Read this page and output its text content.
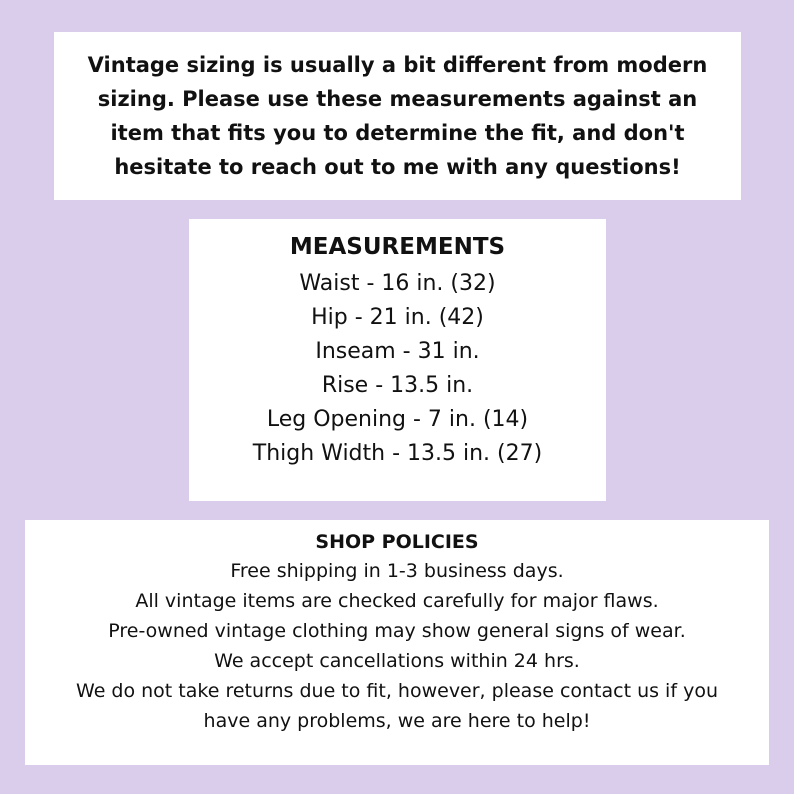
Vintage sizing is usually a bit different from modern sizing. Please use these measurements against an item that fits you to determine the fit, and don't hesitate to reach out to me with any questions!

MEASUREMENTS
Waist - 16 in. (32)
Hip - 21 in. (42)
Inseam - 31 in.
Rise - 13.5 in.
Leg Opening - 7 in. (14)
Thigh Width - 13.5 in. (27)
SHOP POLICIES
Free shipping in 1-3 business days.
All vintage items are checked carefully for major flaws.
Pre-owned vintage clothing may show general signs of wear.
We accept cancellations within 24 hrs.
We do not take returns due to fit, however, please contact us if you have any problems, we are here to help!
